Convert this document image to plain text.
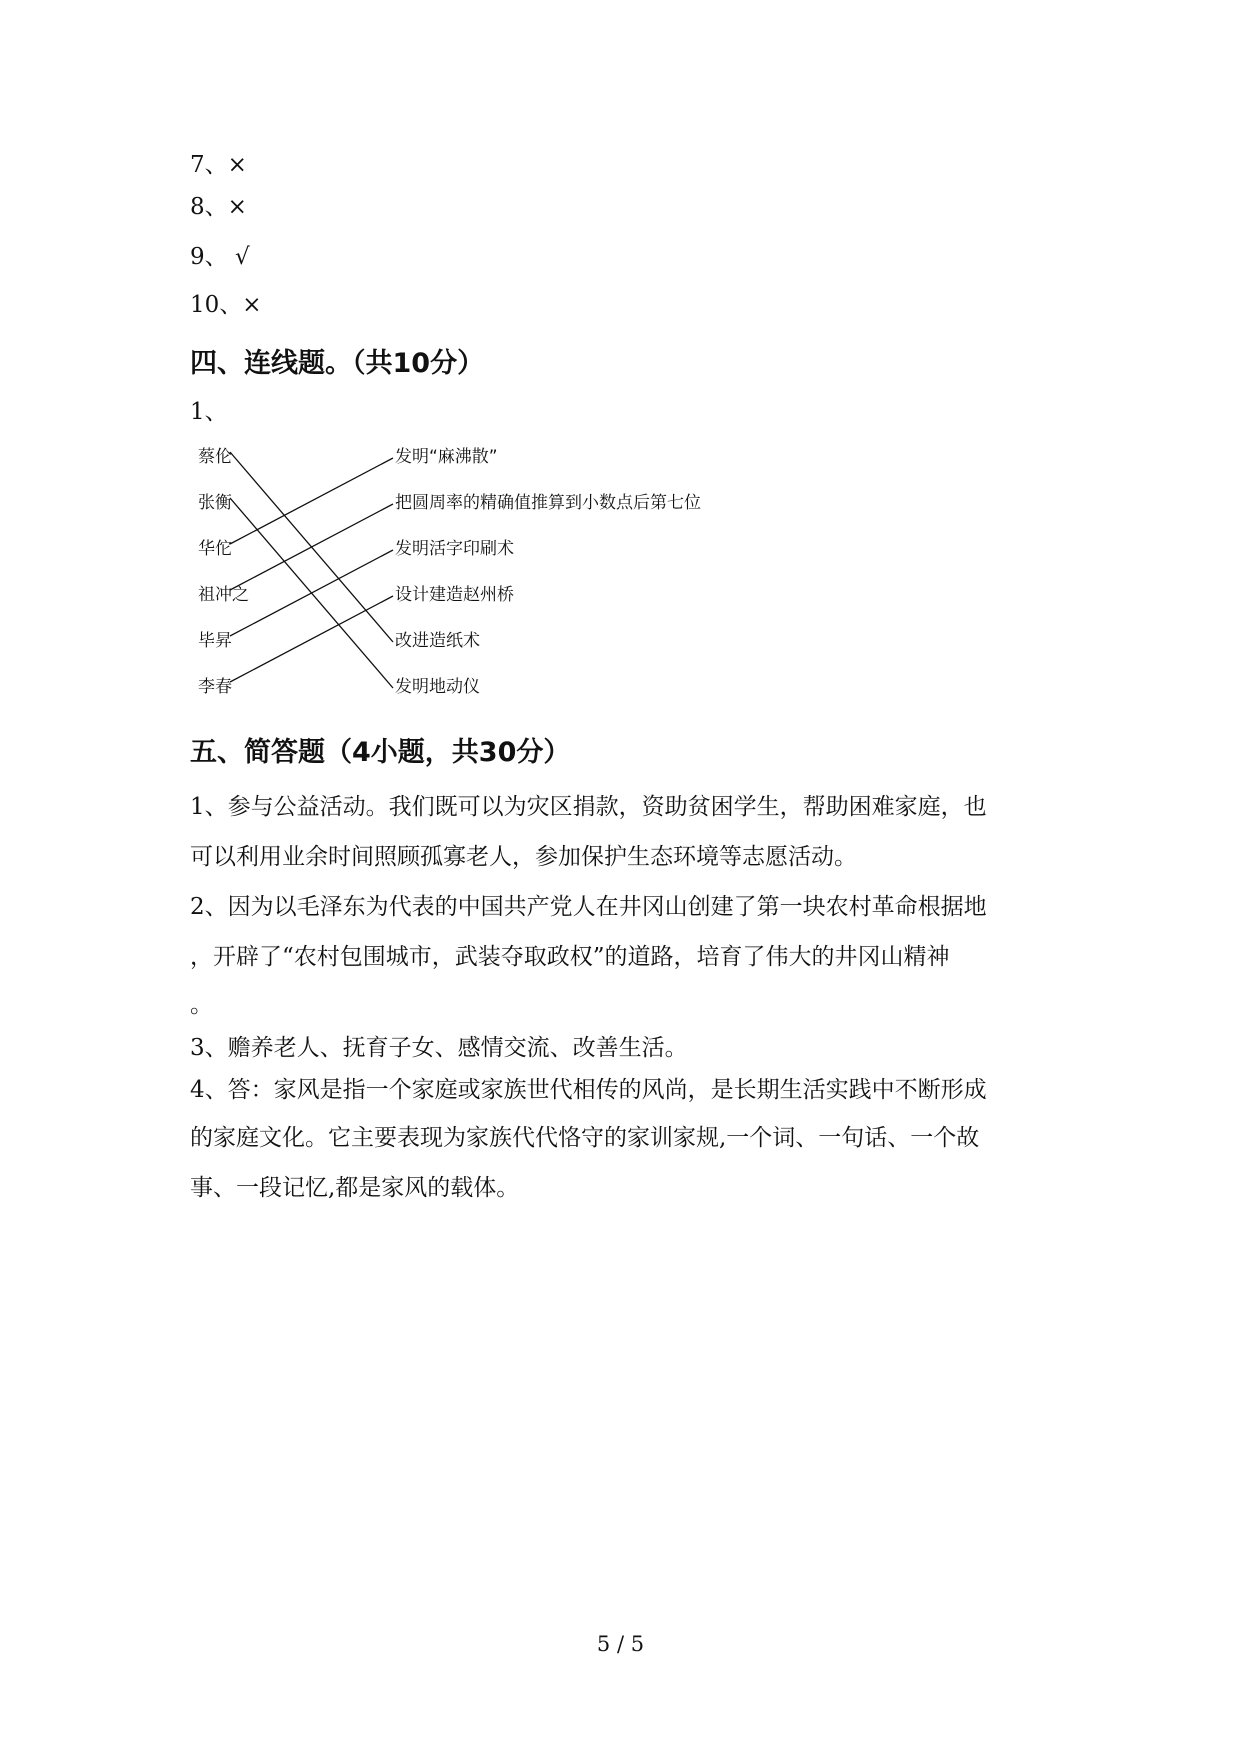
7、×
8、×
9、 √
10、×
四、连线题。（共10分）
1、
蔡伦
张衡
华佗
祖冲之
毕昇
李春
发明“麻沸散”
把圆周率的精确值推算到小数点后第七位
发明活字印刷术
设计建造赵州桥
改进造纸术
发明地动仪
五、简答题（4小题，共30分）
1、参与公益活动。我们既可以为灾区捐款，资助贫困学生，帮助困难家庭，也
可以利用业余时间照顾孤寡老人，参加保护生态环境等志愿活动。
2、因为以毛泽东为代表的中国共产党人在井冈山创建了第一块农村革命根据地
，开辟了“农村包围城市，武装夺取政权”的道路，培育了伟大的井冈山精神
。
3、赡养老人、抚育子女、感情交流、改善生活。
4、答：家风是指一个家庭或家族世代相传的风尚，是长期生活实践中不断形成
的家庭文化。它主要表现为家族代代恪守的家训家规,一个词、一句话、一个故
事、一段记忆,都是家风的载体。
5 / 5
